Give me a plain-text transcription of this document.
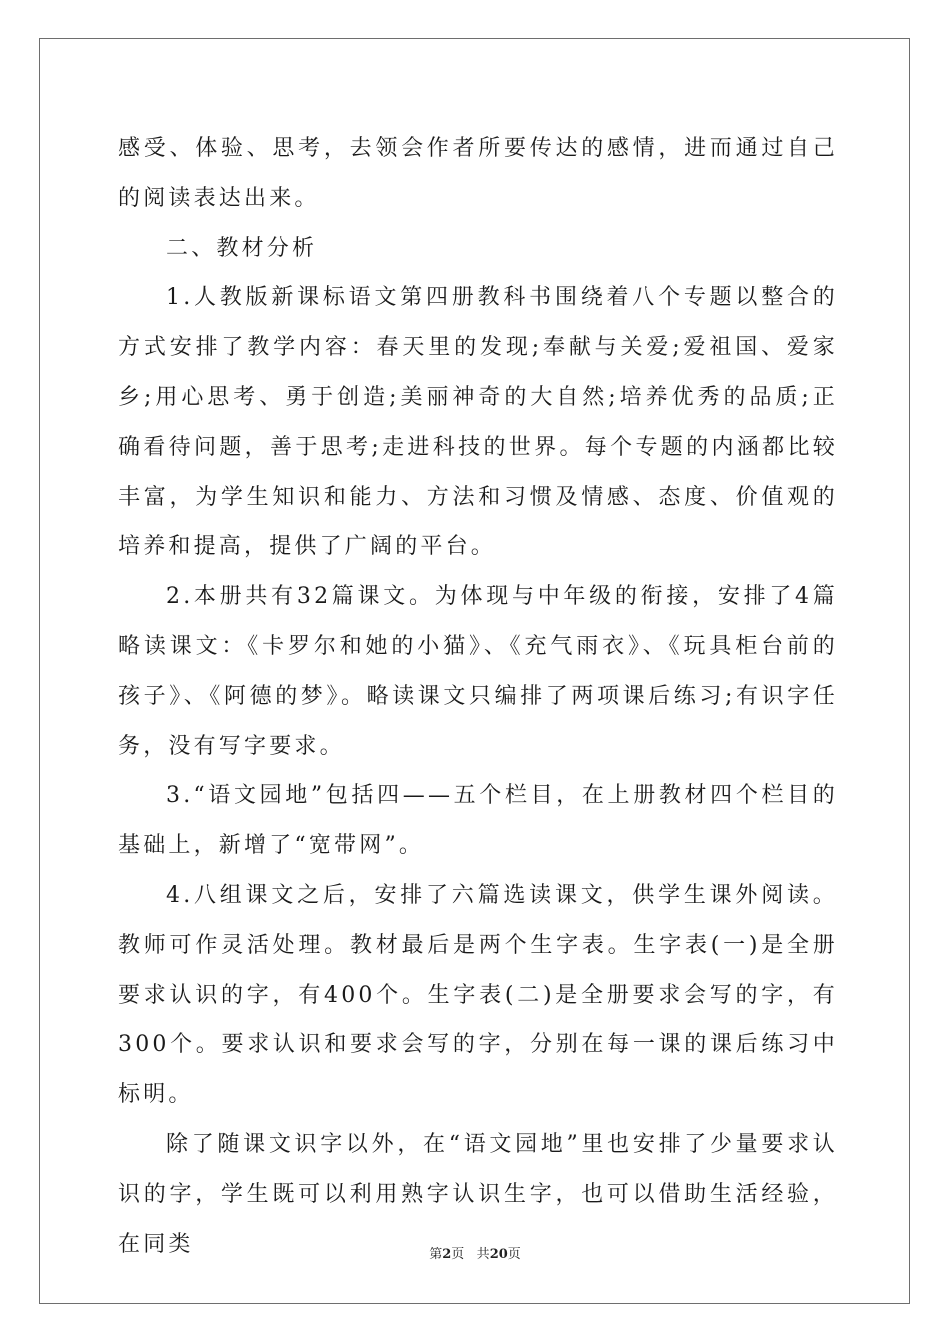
感受、体验、思考，去领会作者所要传达的感情，进而通过自己的阅读表达出来。

二、教材分析

1.人教版新课标语文第四册教科书围绕着八个专题以整合的方式安排了教学内容：春天里的发现;奉献与关爱;爱祖国、爱家乡;用心思考、勇于创造;美丽神奇的大自然;培养优秀的品质;正确看待问题，善于思考;走进科技的世界。每个专题的内涵都比较丰富，为学生知识和能力、方法和习惯及情感、态度、价值观的培养和提高，提供了广阔的平台。

2.本册共有32篇课文。为体现与中年级的衔接，安排了4篇略读课文：《卡罗尔和她的小猫》、《充气雨衣》、《玩具柜台前的孩子》、《阿德的梦》。略读课文只编排了两项课后练习;有识字任务，没有写字要求。

3.“语文园地”包括四——五个栏目，在上册教材四个栏目的基础上，新增了“宽带网”。

4.八组课文之后，安排了六篇选读课文，供学生课外阅读。教师可作灵活处理。教材最后是两个生字表。生字表(一)是全册要求认识的字，有400个。生字表(二)是全册要求会写的字，有300个。要求认识和要求会写的字，分别在每一课的课后练习中标明。

除了随课文识字以外，在“语文园地”里也安排了少量要求认识的字，学生既可以利用熟字认识生字，也可以借助生活经验，在同类	第2页 共20页
